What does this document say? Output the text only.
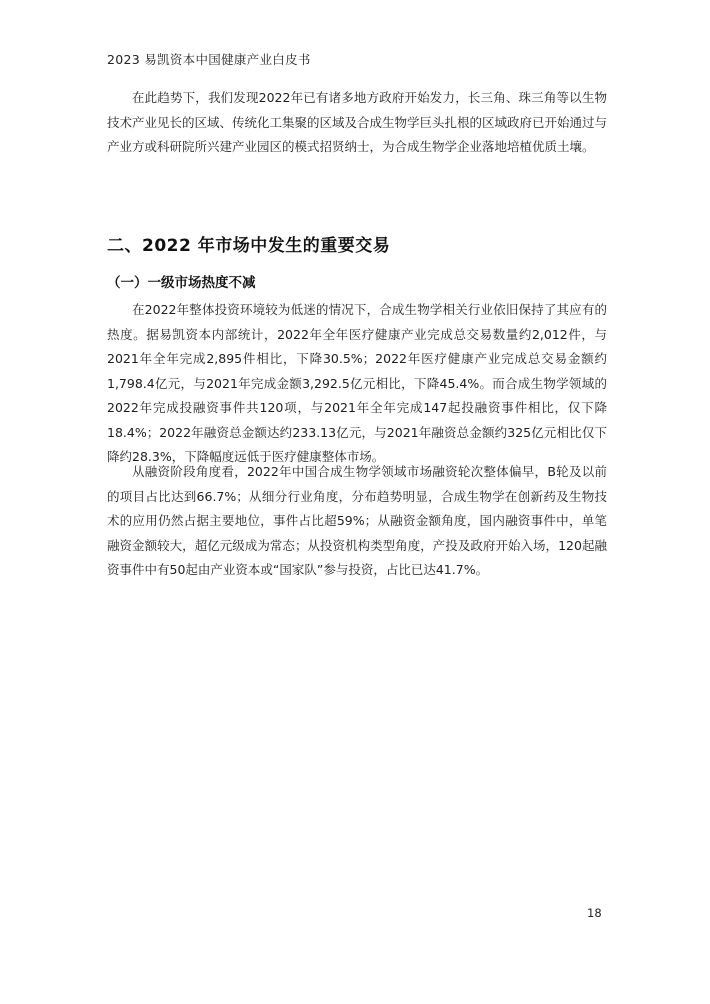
2023 易凯资本中国健康产业白皮书

在此趋势下，我们发现2022年已有诸多地方政府开始发力，长三角、珠三角等以生物技术产业见长的区域、传统化工集聚的区域及合成生物学巨头扎根的区域政府已开始通过与产业方或科研院所兴建产业园区的模式招贤纳士，为合成生物学企业落地培植优质土壤。

二、2022 年市场中发生的重要交易
（一）一级市场热度不减

在2022年整体投资环境较为低迷的情况下，合成生物学相关行业依旧保持了其应有的热度。据易凯资本内部统计，2022年全年医疗健康产业完成总交易数量约2,012件，与2021年全年完成2,895件相比，下降30.5%；2022年医疗健康产业完成总交易金额约1,798.4亿元，与2021年完成金额3,292.5亿元相比，下降45.4%。而合成生物学领域的2022年完成投融资事件共120项，与2021年全年完成147起投融资事件相比，仅下降18.4%；2022年融资总金额达约233.13亿元，与2021年融资总金额约325亿元相比仅下降约28.3%，下降幅度远低于医疗健康整体市场。

从融资阶段角度看，2022年中国合成生物学领域市场融资轮次整体偏早，B轮及以前的项目占比达到66.7%；从细分行业角度，分布趋势明显，合成生物学在创新药及生物技术的应用仍然占据主要地位，事件占比超59%；从融资金额角度，国内融资事件中，单笔融资金额较大，超亿元级成为常态；从投资机构类型角度，产投及政府开始入场，120起融资事件中有50起由产业资本或“国家队”参与投资，占比已达41.7%。

18
